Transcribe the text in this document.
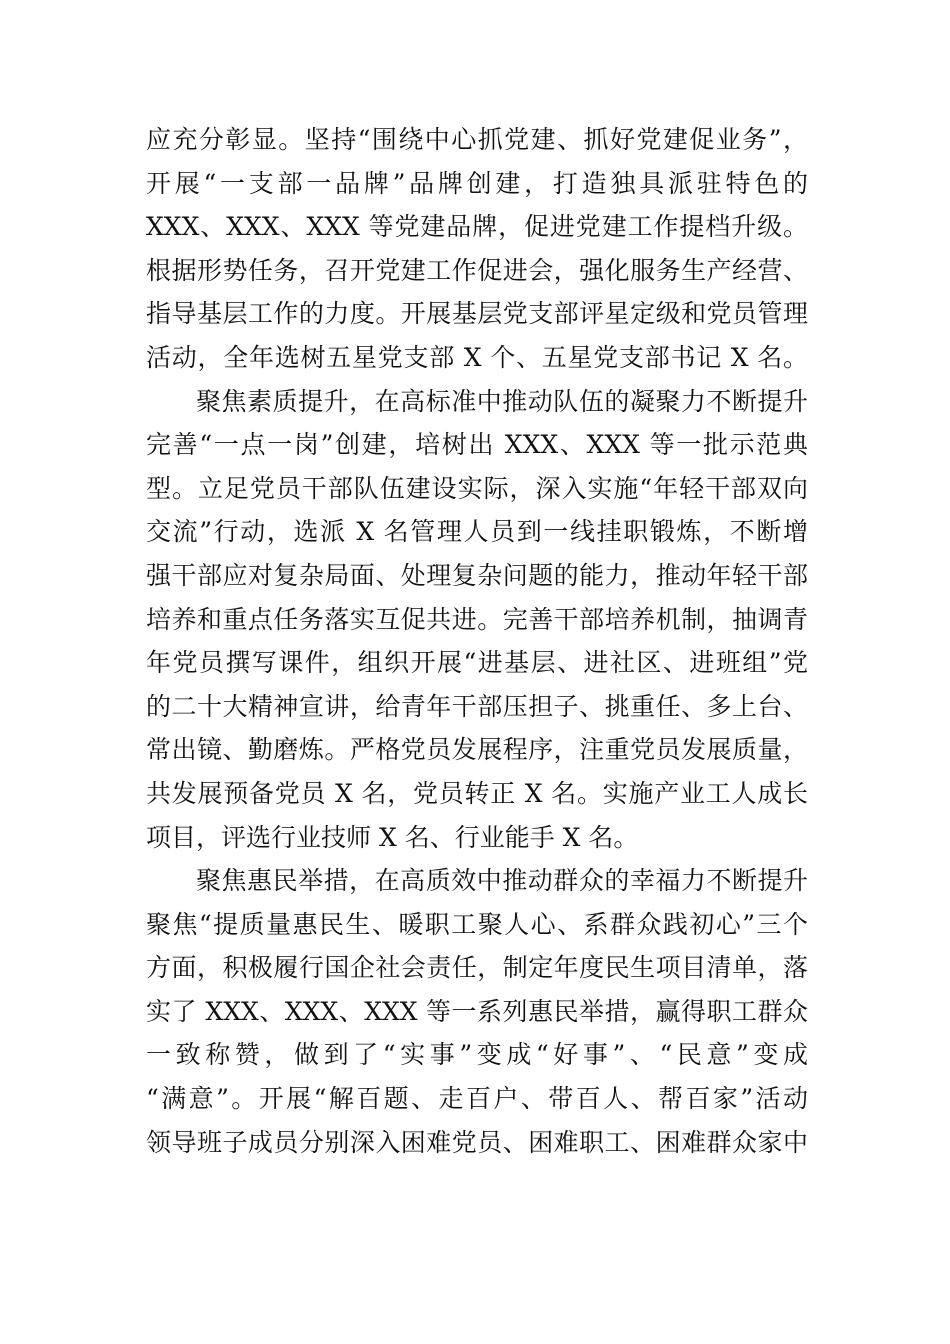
应充分彰显。坚持“围绕中心抓党建、抓好党建促业务”，
开展“一支部一品牌”品牌创建，打造独具派驻特色的
XXX、XXX、XXX 等党建品牌，促进党建工作提档升级。
根据形势任务，召开党建工作促进会，强化服务生产经营、
指导基层工作的力度。开展基层党支部评星定级和党员管理
活动，全年选树五星党支部 X 个、五星党支部书记 X 名。
聚焦素质提升，在高标准中推动队伍的凝聚力不断提升
完善“一点一岗”创建，培树出 XXX、XXX 等一批示范典
型。立足党员干部队伍建设实际，深入实施“年轻干部双向
交流”行动，选派 X 名管理人员到一线挂职锻炼，不断增
强干部应对复杂局面、处理复杂问题的能力，推动年轻干部
培养和重点任务落实互促共进。完善干部培养机制，抽调青
年党员撰写课件，组织开展“进基层、进社区、进班组”党
的二十大精神宣讲，给青年干部压担子、挑重任、多上台、
常出镜、勤磨炼。严格党员发展程序，注重党员发展质量，
共发展预备党员 X 名，党员转正 X 名。实施产业工人成长
项目，评选行业技师 X 名、行业能手 X 名。
聚焦惠民举措，在高质效中推动群众的幸福力不断提升
聚焦“提质量惠民生、暖职工聚人心、系群众践初心”三个
方面，积极履行国企社会责任，制定年度民生项目清单，落
实了 XXX、XXX、XXX 等一系列惠民举措，赢得职工群众
一致称赞，做到了“实事”变成“好事”、“民意”变成
“满意”。开展“解百题、走百户、带百人、帮百家”活动
领导班子成员分别深入困难党员、困难职工、困难群众家中
